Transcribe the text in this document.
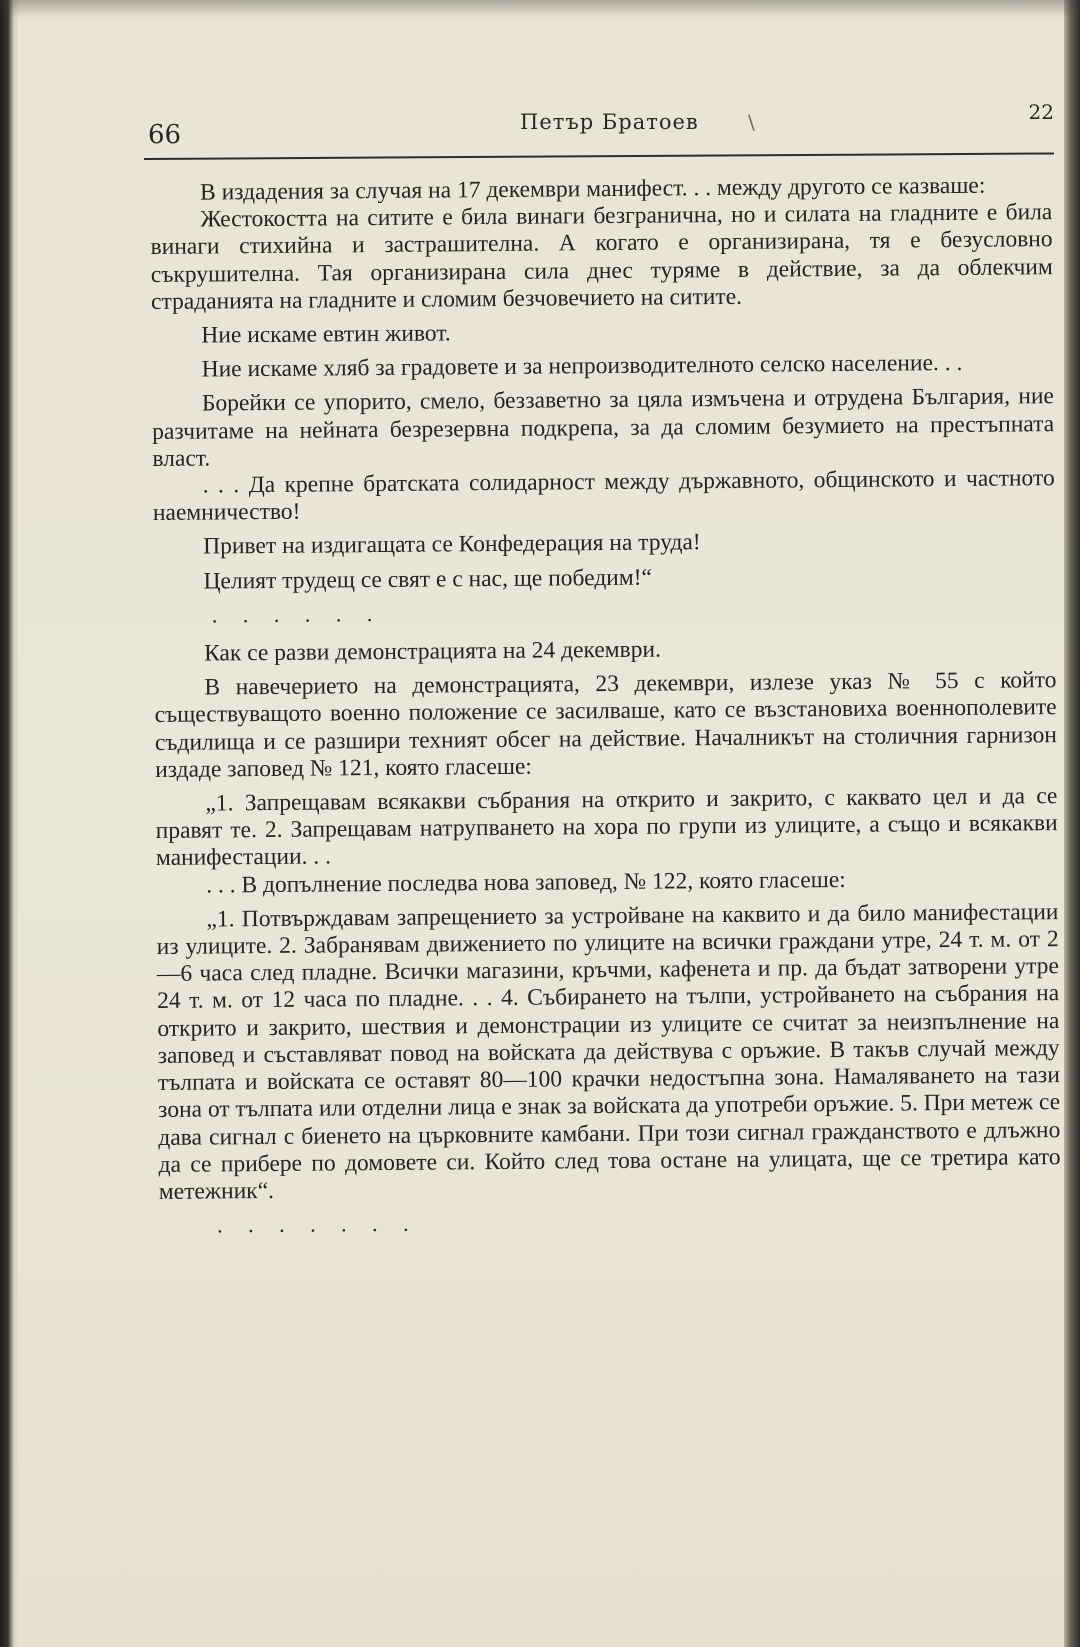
66	Петър Братоев \	22

В издадения за случая на 17 декември манифест. . . между другото се казваше:

Жестокостта на ситите е била винаги безгранична, но и силата на гладните е била винаги стихийна и застрашителна. А когато е организирана, тя е безусловно съкрушителна. Тая организирана сила днес туряме в действие, за да облекчим страданията на гладните и сломим безчовечието на ситите.

Ние искаме евтин живот.

Ние искаме хляб за градовете и за непроизводителното селско население. . .

Борейки се упорито, смело, беззаветно за цяла измъчена и отрудена България, ние разчитаме на нейната безрезервна подкрепа, за да сломим безумието на престъпната власт.

. . . Да крепне братската солидарност между държавното, общинското и частното наемничество!

Привет на издигащата се Конфедерация на труда!

Целият трудещ се свят е с нас, ще победим!“

. . . . . .

Как се разви демонстрацията на 24 декември.

В навечерието на демонстрацията, 23 декември, излезе указ № 55 с който съществуващото военно положение се засилваше, като се възстановиха военнополевите съдилища и се разшири техният обсег на действие. Началникът на столичния гарнизон издаде заповед № 121, която гласеше:

„1. Запрещавам всякакви събрания на открито и закрито, с каквато цел и да се правят те. 2. Запрещавам натрупването на хора по групи из улиците, а също и всякакви манифестации. . .

. . . В допълнение последва нова заповед, № 122, която гласеше:

„1. Потвърждавам запрещението за устройване на каквито и да било манифестации из улиците. 2. Забранявам движението по улиците на всички граждани утре, 24 т. м. от 2—6 часа след пладне. Всички магазини, кръчми, кафенета и пр. да бъдат затворени утре 24 т. м. от 12 часа по пладне. . . 4. Събирането на тълпи, устройването на събрания на открито и закрито, шествия и демонстрации из улиците се считат за неизпълнение на заповед и съставляват повод на войската да действува с оръжие. В такъв случай между тълпата и войската се оставят 80—100 крачки недостъпна зона. Намаляването на тази зона от тълпата или отделни лица е знак за войската да употреби оръжие. 5. При метеж се дава сигнал с биенето на църковните камбани. При този сигнал гражданството е длъжно да се прибере по домовете си. Който след това остане на улицата, ще се третира като метежник“.

. . . . . . .
